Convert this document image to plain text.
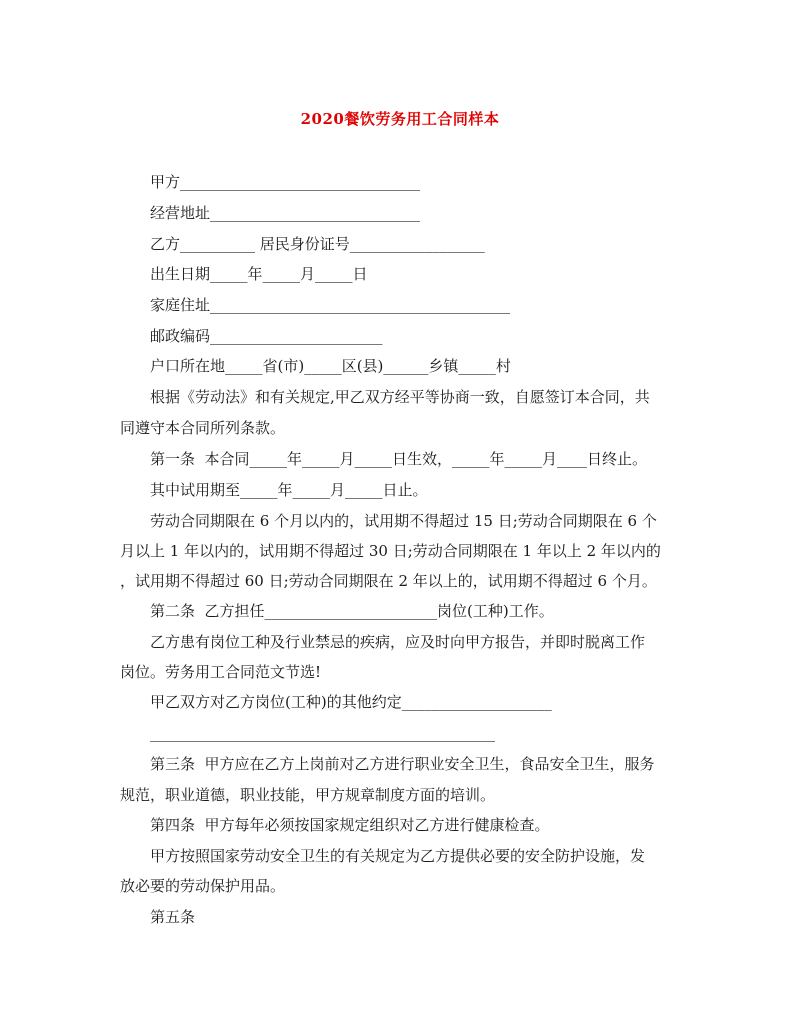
2020餐饮劳务用工合同样本
　　甲方________________________________
　　经营地址____________________________
　　乙方__________ 居民身份证号__________________
　　出生日期_____年_____月_____日
　　家庭住址________________________________________
　　邮政编码_______________________
　　户口所在地_____省(市)_____区(县)______乡镇_____村
　　根据《劳动法》和有关规定,甲乙双方经平等协商一致，自愿签订本合同，共
同遵守本合同所列条款。
　　第一条  本合同_____年_____月_____日生效，_____年_____月____日终止。
　　其中试用期至_____年_____月_____日止。
　　劳动合同期限在 6 个月以内的，试用期不得超过 15 日;劳动合同期限在 6 个
月以上 1 年以内的，试用期不得超过 30 日;劳动合同期限在 1 年以上 2 年以内的
，试用期不得超过 60 日;劳动合同期限在 2 年以上的，试用期不得超过 6 个月。
　　第二条  乙方担任_______________________岗位(工种)工作。
　　乙方患有岗位工种及行业禁忌的疾病，应及时向甲方报告，并即时脱离工作
岗位。劳务用工合同范文节选!
　　甲乙双方对乙方岗位(工种)的其他约定____________________
　　______________________________________________
　　第三条  甲方应在乙方上岗前对乙方进行职业安全卫生，食品安全卫生，服务
规范，职业道德，职业技能，甲方规章制度方面的培训。
　　第四条  甲方每年必须按国家规定组织对乙方进行健康检查。
　　甲方按照国家劳动安全卫生的有关规定为乙方提供必要的安全防护设施，发
放必要的劳动保护用品。
　　第五条
